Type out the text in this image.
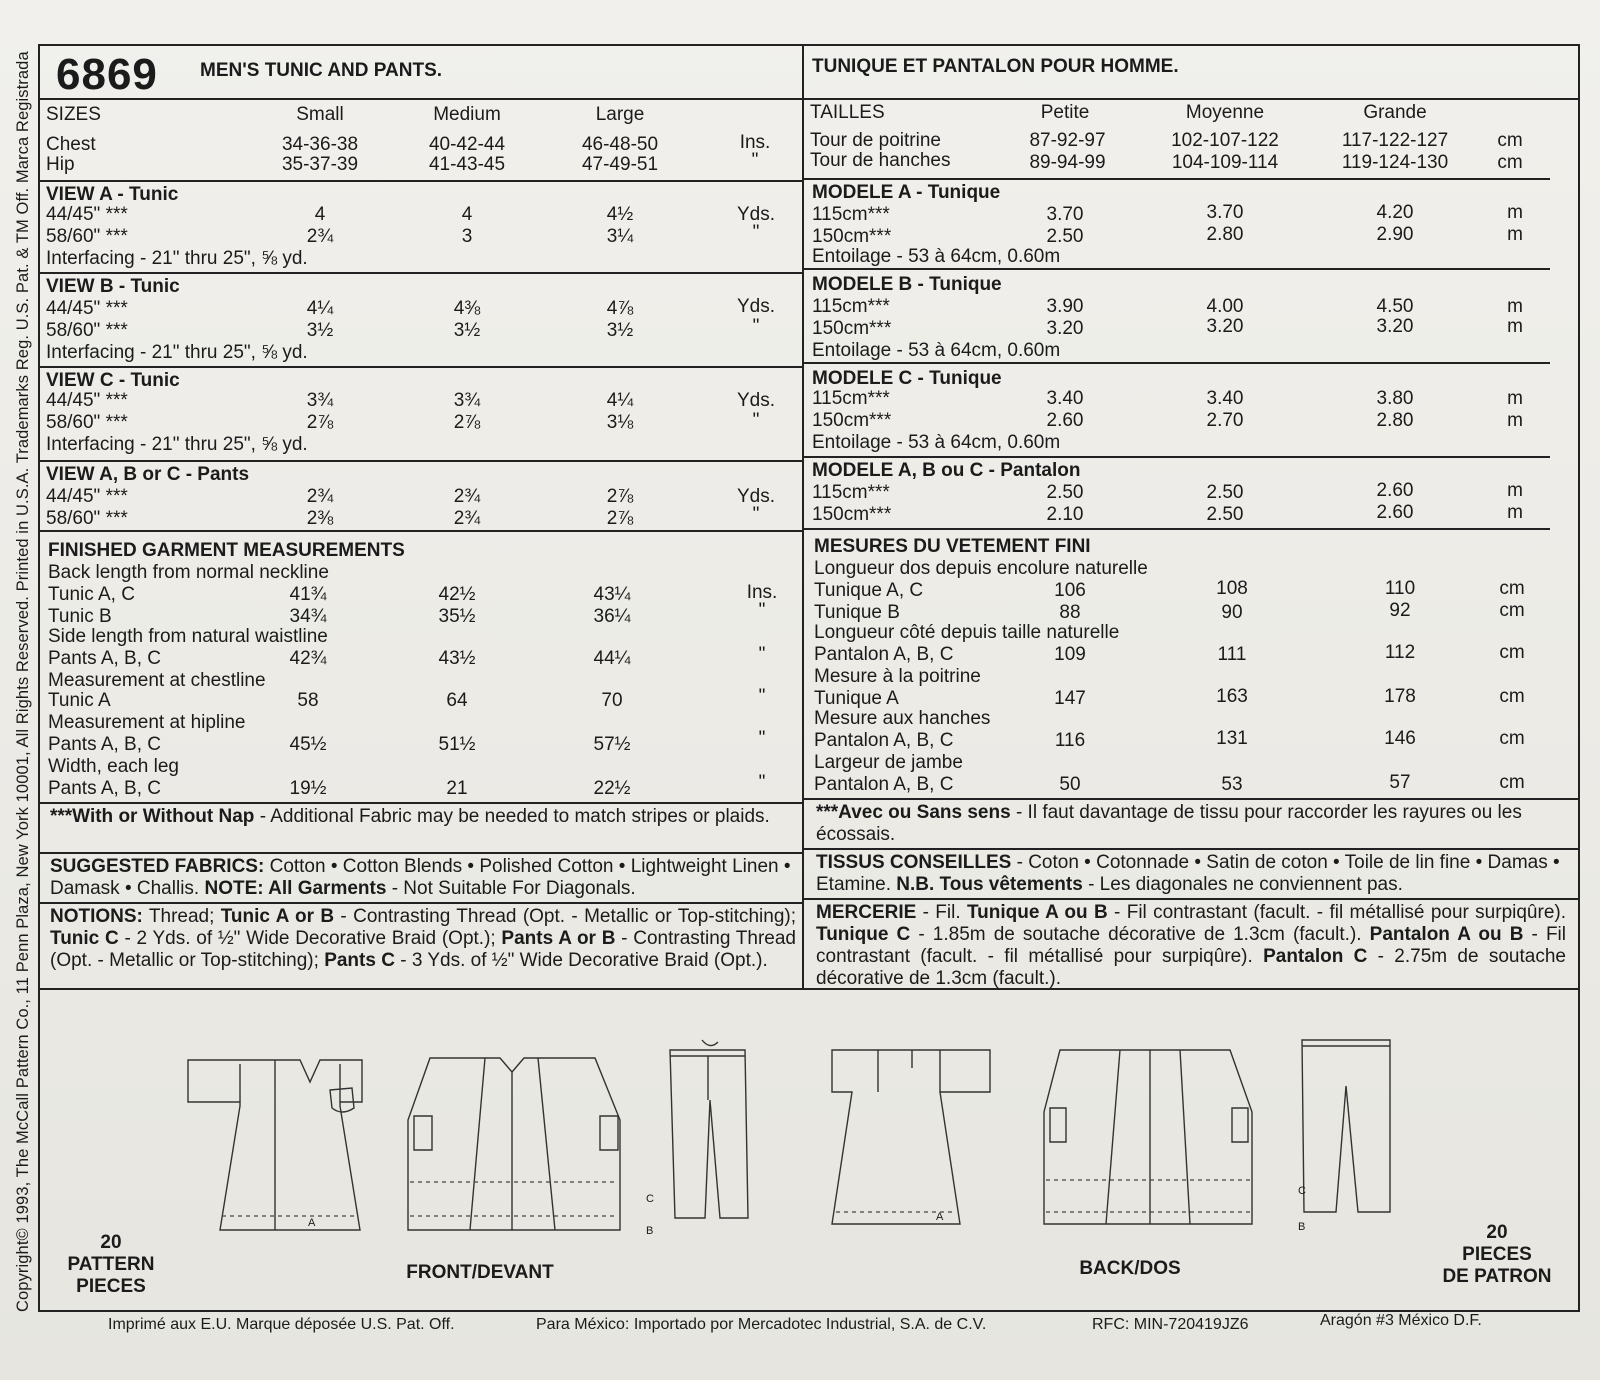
Copyright© 1993, The McCall Pattern Co., 11 Penn Plaza, New York 10001, All Rights Reserved. Printed in U.S.A. Trademarks Reg. U.S. Pat. & TM Off. Marca Registrada 6869 MEN'S TUNIC AND PANTS.	TUNIQUE ET PANTALON POUR HOMME.
SIZES	Small	Medium	Large
Chest	34-36-38	40-42-44	46-48-50	Ins.
Hip	35-37-39	41-43-45	47-49-51	"
TAILLES	Petite	Moyenne	Grande
Tour de poitrine	87-92-97	102-107-122	117-122-127	cm
Tour de hanches	89-94-99	104-109-114	119-124-130	cm
VIEW A - Tunic
44/45" ***	4	4	4½	Yds.
58/60" ***	2¾	3	3¼	"
Interfacing - 21" thru 25", ⅝ yd.
VIEW B - Tunic
44/45" ***	4¼	4⅜	4⅞	Yds.
58/60" ***	3½	3½	3½	"
Interfacing - 21" thru 25", ⅝ yd.
VIEW C - Tunic
44/45" ***	3¾	3¾	4¼	Yds.
58/60" ***	2⅞	2⅞	3⅛	"
Interfacing - 21" thru 25", ⅝ yd.
VIEW A, B or C - Pants
44/45" ***	2¾	2¾	2⅞	Yds.
58/60" ***	2⅜	2¾	2⅞	"
MODELE A - Tunique
115cm***	3.70	3.70	4.20	m
150cm***	2.50	2.80	2.90	m
Entoilage - 53 à 64cm, 0.60m
MODELE B - Tunique
115cm***	3.90	4.00	4.50	m
150cm***	3.20	3.20	3.20	m
Entoilage - 53 à 64cm, 0.60m
MODELE C - Tunique
115cm***	3.40	3.40	3.80	m
150cm***	2.60	2.70	2.80	m
Entoilage - 53 à 64cm, 0.60m
MODELE A, B ou C - Pantalon
115cm***	2.50	2.50	2.60	m
150cm***	2.10	2.50	2.60	m
FINISHED GARMENT MEASUREMENTS
Back length from normal neckline
Tunic A, C	41¾	42½	43¼	Ins.
Tunic B	34¾	35½	36¼	"
Side length from natural waistline
Pants A, B, C	42¾	43½	44¼	"
Measurement at chestline
Tunic A	58	64	70	"
Measurement at hipline
Pants A, B, C	45½	51½	57½	"
Width, each leg
Pants A, B, C	19½	21	22½	"
MESURES DU VETEMENT FINI
Longueur dos depuis encolure naturelle
Tunique A, C	106	108	110	cm
Tunique B	88	90	92	cm
Longueur côté depuis taille naturelle
Pantalon A, B, C	109	111	112	cm
Mesure à la poitrine
Tunique A	147	163	178	cm
Mesure aux hanches
Pantalon A, B, C	116	131	146	cm
Largeur de jambe
Pantalon A, B, C	50	53	57	cm
***With or Without Nap - Additional Fabric may be needed to match stripes or plaids.	***Avec ou Sans sens - Il faut davantage de tissu pour raccorder les rayures ou les écossais.
SUGGESTED FABRICS: Cotton • Cotton Blends • Polished Cotton • Lightweight Linen • Damask • Challis. NOTE: All Garments - Not Suitable For Diagonals.
TISSUS CONSEILLES - Coton • Cotonnade • Satin de coton • Toile de lin fine • Damas • Etamine. N.B. Tous vêtements - Les diagonales ne conviennent pas.
NOTIONS: Thread; Tunic A or B - Contrasting Thread (Opt. - Metallic or Top-stitching); Tunic C - 2 Yds. of ½" Wide Decorative Braid (Opt.); Pants A or B - Contrasting Thread (Opt. - Metallic or Top-stitching); Pants C - 3 Yds. of ½" Wide Decorative Braid (Opt.).
MERCERIE - Fil. Tunique A ou B - Fil contrastant (facult. - fil métallisé pour surpiqûre). Tunique C - 1.85m de soutache décorative de 1.3cm (facult.). Pantalon A ou B - Fil contrastant (facult. - fil métallisé pour surpiqûre). Pantalon C - 2.75m de soutache décorative de 1.3cm (facult.).
A
B
C
A
B
C
20
PATTERN
PIECES
FRONT/DEVANT	BACK/DOS
20
PIECES
DE PATRON
Imprimé aux E.U. Marque déposée U.S. Pat. Off.	Para México: Importado por Mercadotec Industrial, S.A. de C.V.	RFC: MIN-720419JZ6	Aragón #3 México D.F.
